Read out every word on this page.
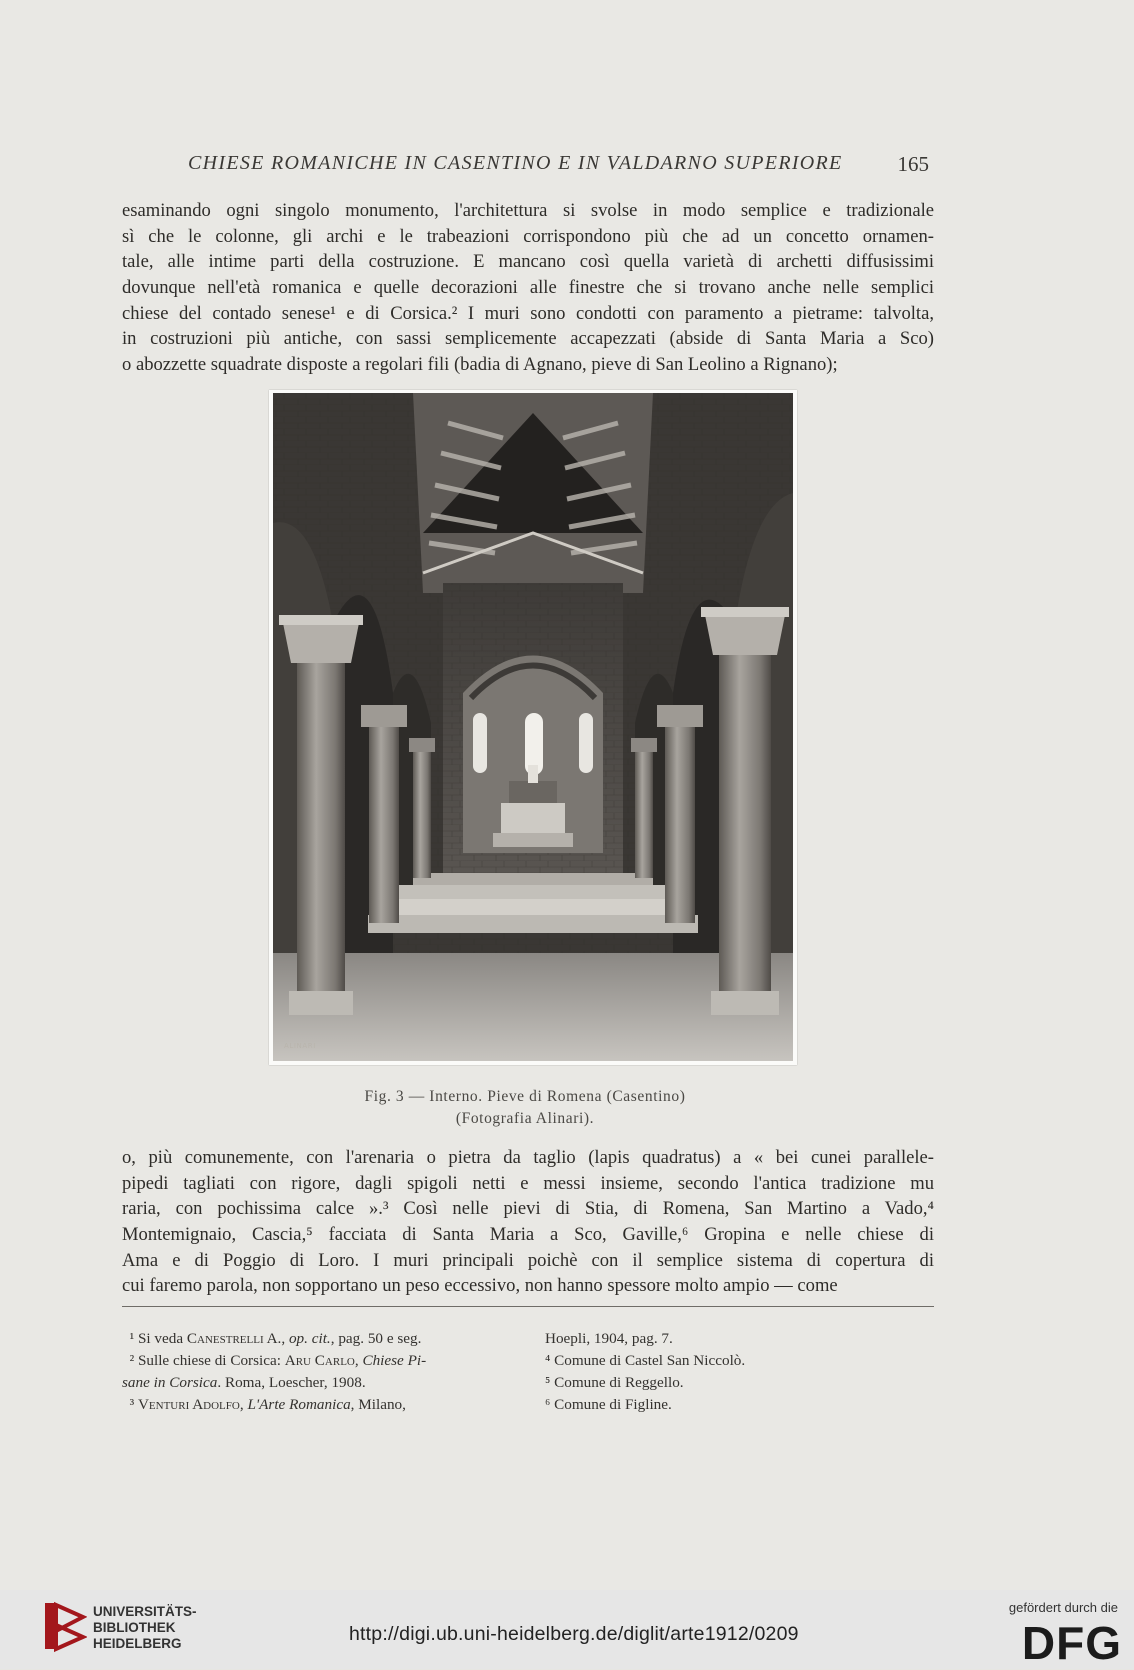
CHIESE ROMANICHE IN CASENTINO E IN VALDARNO SUPERIORE	165
esaminando ogni singolo monumento, l'architettura si svolse in modo semplice e tradizionale
sì che le colonne, gli archi e le trabeazioni corrispondono più che ad un concetto ornamen-
tale, alle intime parti della costruzione. E mancano così quella varietà di archetti diffusissimi
dovunque nell'età romanica e quelle decorazioni alle finestre che si trovano anche nelle semplici
chiese del contado senese¹ e di Corsica.² I muri sono condotti con paramento a pietrame: talvolta,
in costruzioni più antiche, con sassi semplicemente accapezzati (abside di Santa Maria a Sco)
o abozzette squadrate disposte a regolari fili (badia di Agnano, pieve di San Leolino a Rignano);
ALINARI
Fig. 3 — Interno. Pieve di Romena (Casentino)
(Fotografia Alinari).
o, più comunemente, con l'arenaria o pietra da taglio (lapis quadratus) a « bei cunei parallele-
pipedi tagliati con rigore, dagli spigoli netti e messi insieme, secondo l'antica tradizione mu
raria, con pochissima calce ».³ Così nelle pievi di Stia, di Romena, San Martino a Vado,⁴
Montemignaio, Cascia,⁵ facciata di Santa Maria a Sco, Gaville,⁶ Gropina e nelle chiese di
Ama e di Poggio di Loro. I muri principali poichè con il semplice sistema di copertura di
cui faremo parola, non sopportano un peso eccessivo, non hanno spessore molto ampio — come
¹ Si veda Canestrelli A., op. cit., pag. 50 e seg.
² Sulle chiese di Corsica: Aru Carlo, Chiese Pi-
sane in Corsica. Roma, Loescher, 1908.
³ Venturi Adolfo, L'Arte Romanica, Milano,
Hoepli, 1904, pag. 7.
⁴ Comune di Castel San Niccolò.
⁵ Comune di Reggello.
⁶ Comune di Figline.
UNIVERSITÄTS-
BIBLIOTHEK
HEIDELBERG	http://digi.ub.uni-heidelberg.de/diglit/arte1912/0209
gefördert durch die
DFG
